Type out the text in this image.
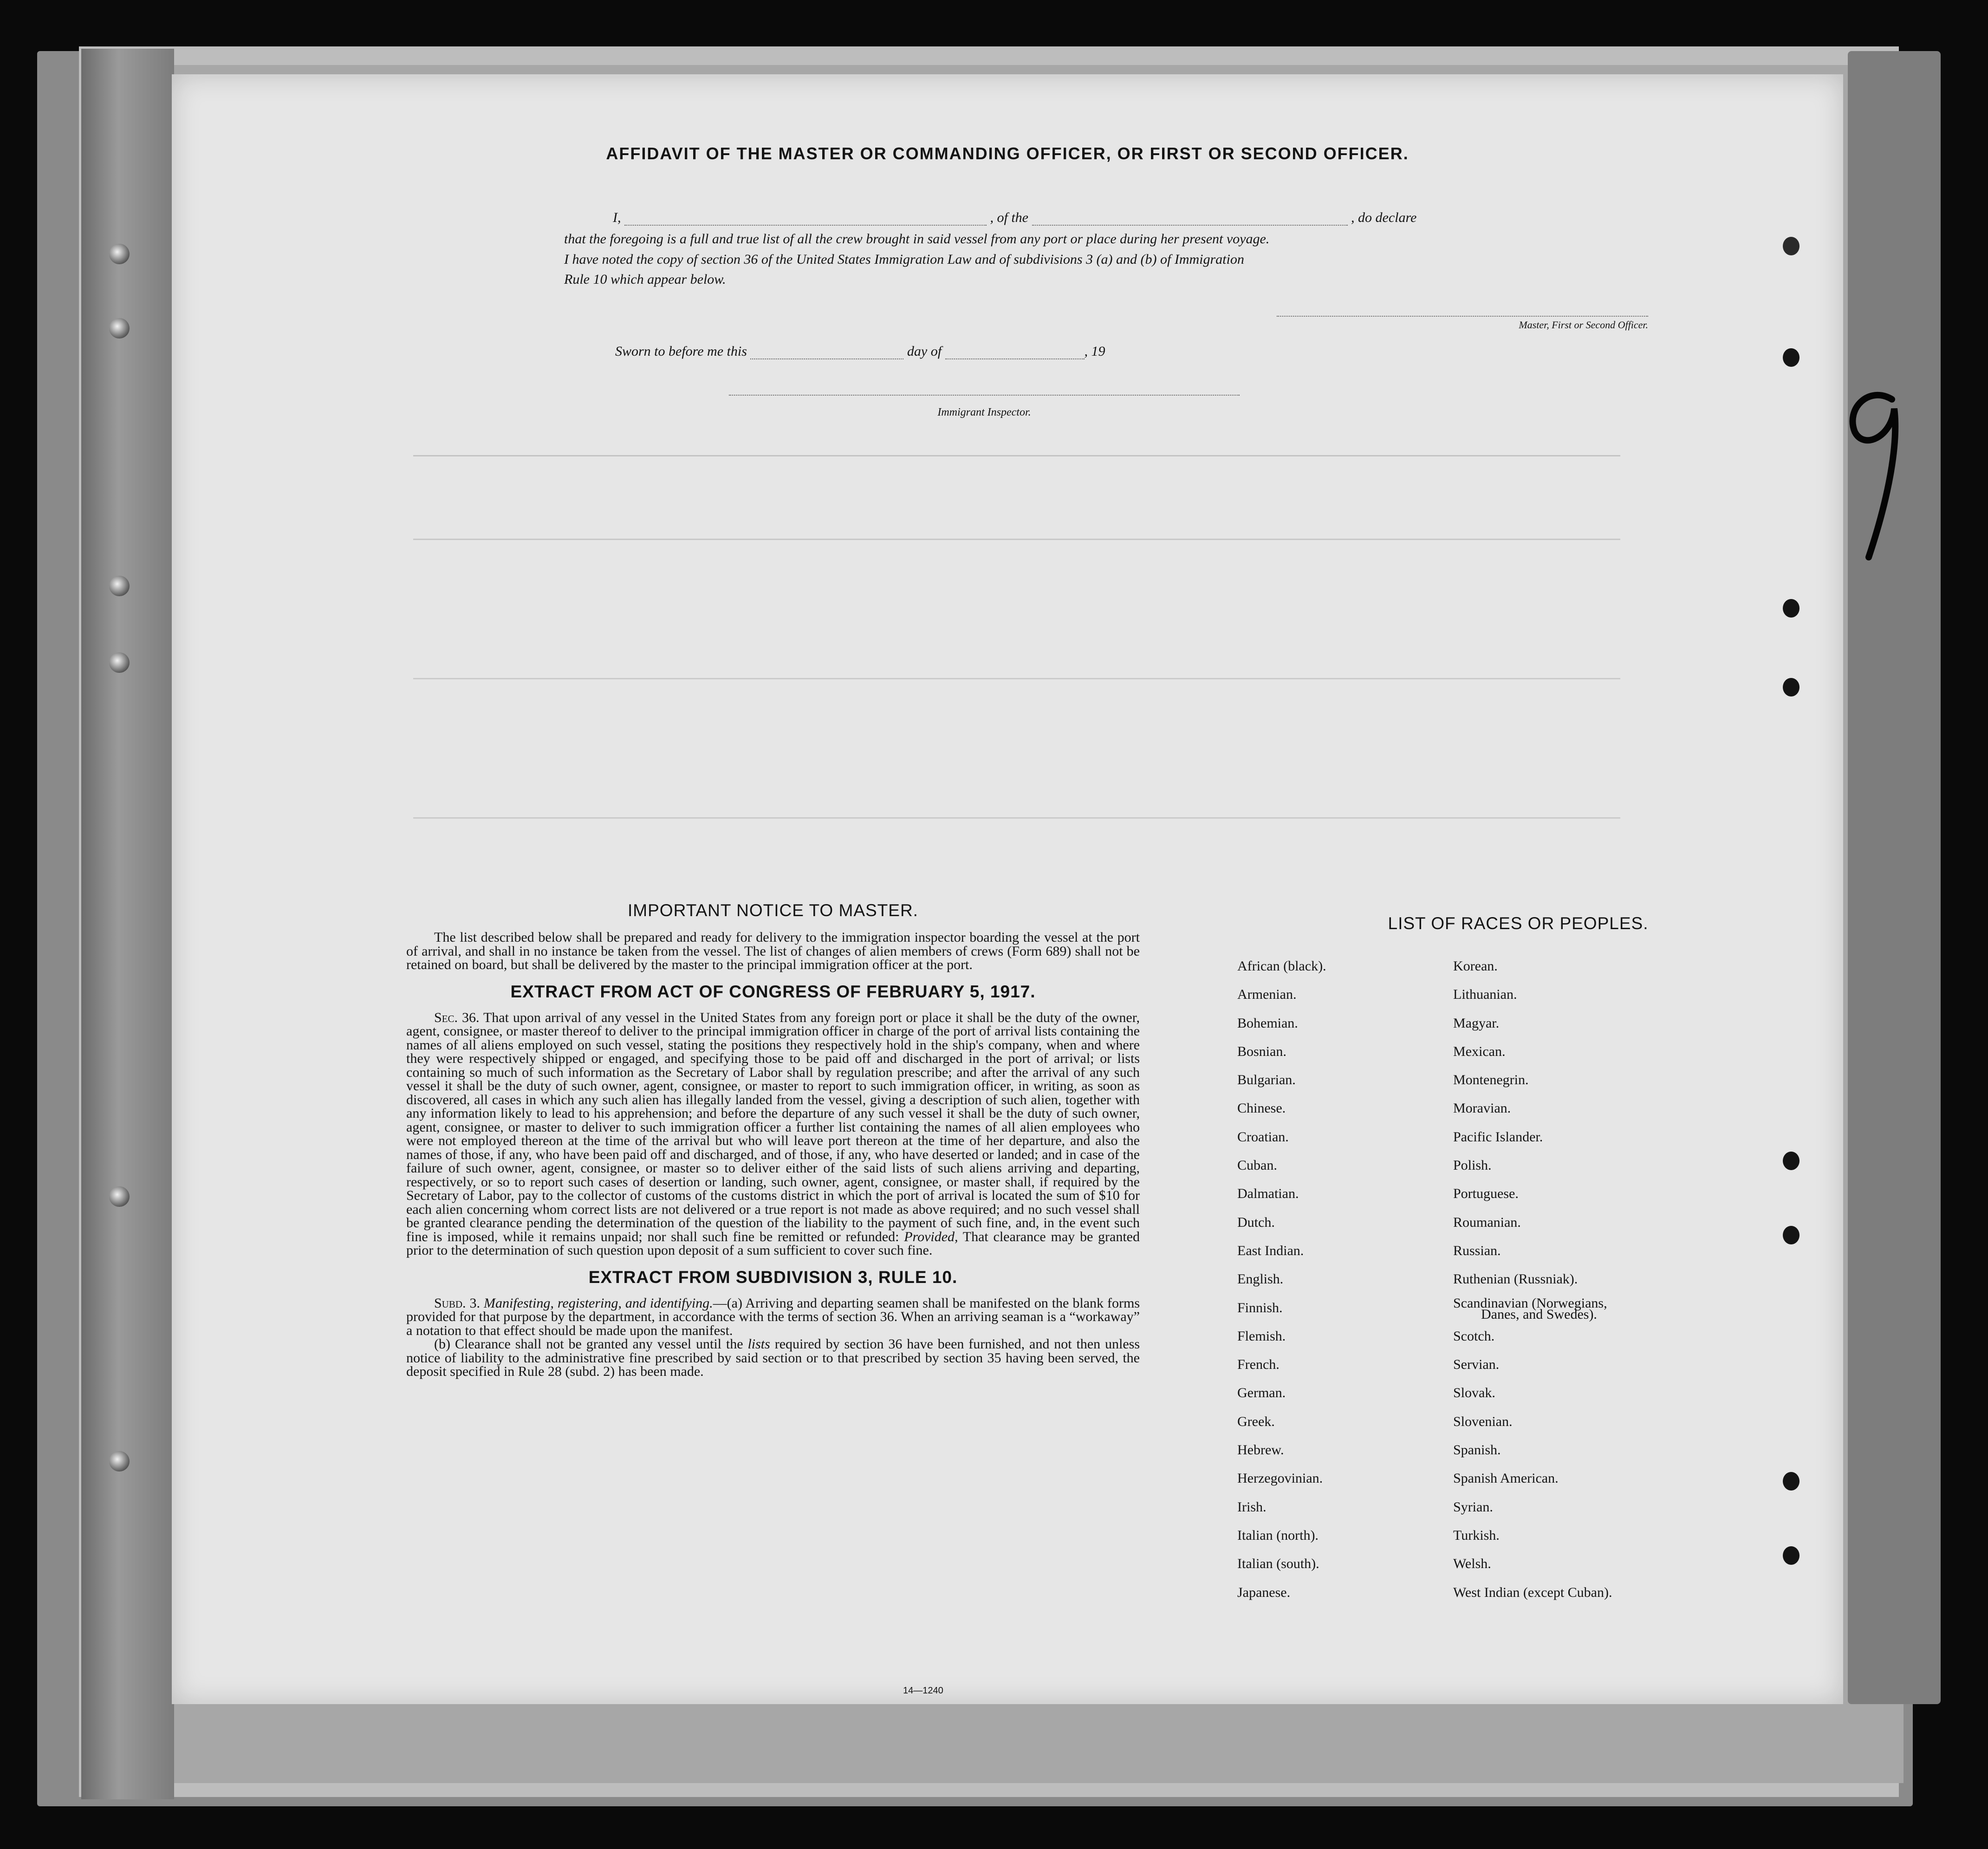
AFFIDAVIT OF THE MASTER OR COMMANDING OFFICER, OR FIRST OR SECOND OFFICER.
I,	, of the	, do declare
that the foregoing is a full and true list of all the crew brought in said vessel from any port or place during her present voyage.
I have noted the copy of section 36 of the United States Immigration Law and of subdivisions 3 (a) and (b) of Immigration
Rule 10 which appear below.
Master, First or Second Officer.
Sworn to before me this	day of	, 19
Immigrant Inspector.

IMPORTANT NOTICE TO MASTER.

The list described below shall be prepared and ready for delivery to the immigration inspector boarding the vessel at the port of arrival, and shall in no instance be taken from the vessel. The list of changes of alien members of crews (Form 689) shall not be retained on board, but shall be delivered by the master to the principal immigration officer at the port.

EXTRACT FROM ACT OF CONGRESS OF FEBRUARY 5, 1917.

Sec. 36. That upon arrival of any vessel in the United States from any foreign port or place it shall be the duty of the owner, agent, consignee, or master thereof to deliver to the principal immigration officer in charge of the port of arrival lists containing the names of all aliens employed on such vessel, stating the positions they respectively hold in the ship's company, when and where they were respectively shipped or engaged, and specifying those to be paid off and discharged in the port of arrival; or lists containing so much of such information as the Secretary of Labor shall by regulation prescribe; and after the arrival of any such vessel it shall be the duty of such owner, agent, consignee, or master to report to such immigration officer, in writing, as soon as discovered, all cases in which any such alien has illegally landed from the vessel, giving a description of such alien, together with any information likely to lead to his apprehension; and before the departure of any such vessel it shall be the duty of such owner, agent, consignee, or master to deliver to such immigration officer a further list containing the names of all alien employees who were not employed thereon at the time of the arrival but who will leave port thereon at the time of her departure, and also the names of those, if any, who have been paid off and discharged, and of those, if any, who have deserted or landed; and in case of the failure of such owner, agent, consignee, or master so to deliver either of the said lists of such aliens arriving and departing, respectively, or so to report such cases of desertion or landing, such owner, agent, consignee, or master shall, if required by the Secretary of Labor, pay to the collector of customs of the customs district in which the port of arrival is located the sum of $10 for each alien concerning whom correct lists are not delivered or a true report is not made as above required; and no such vessel shall be granted clearance pending the determination of the question of the liability to the payment of such fine, and, in the event such fine is imposed, while it remains unpaid; nor shall such fine be remitted or refunded: Provided, That clearance may be granted prior to the determination of such question upon deposit of a sum sufficient to cover such fine.

EXTRACT FROM SUBDIVISION 3, RULE 10.

Subd. 3. Manifesting, registering, and identifying.—(a) Arriving and departing seamen shall be manifested on the blank forms provided for that purpose by the department, in accordance with the terms of section 36. When an arriving seaman is a “workaway” a notation to that effect should be made upon the manifest.

(b) Clearance shall not be granted any vessel until the lists required by section 36 have been furnished, and not then unless notice of liability to the administrative fine prescribed by said section or to that prescribed by section 35 having been served, the deposit specified in Rule 28 (subd. 2) has been made.

14—1240
LIST OF RACES OR PEOPLES.
African (black).
Armenian.
Bohemian.
Bosnian.
Bulgarian.
Chinese.
Croatian.
Cuban.
Dalmatian.
Dutch.
East Indian.
English.
Finnish.
Flemish.
French.
German.
Greek.
Hebrew.
Herzegovinian.
Irish.
Italian (north).
Italian (south).
Japanese.
Korean.
Lithuanian.
Magyar.
Mexican.
Montenegrin.
Moravian.
Pacific Islander.
Polish.
Portuguese.
Roumanian.
Russian.
Ruthenian (Russniak).
Scandinavian (Norwegians,
Danes, and Swedes).
Scotch.
Servian.
Slovak.
Slovenian.
Spanish.
Spanish American.
Syrian.
Turkish.
Welsh.
West Indian (except Cuban).
